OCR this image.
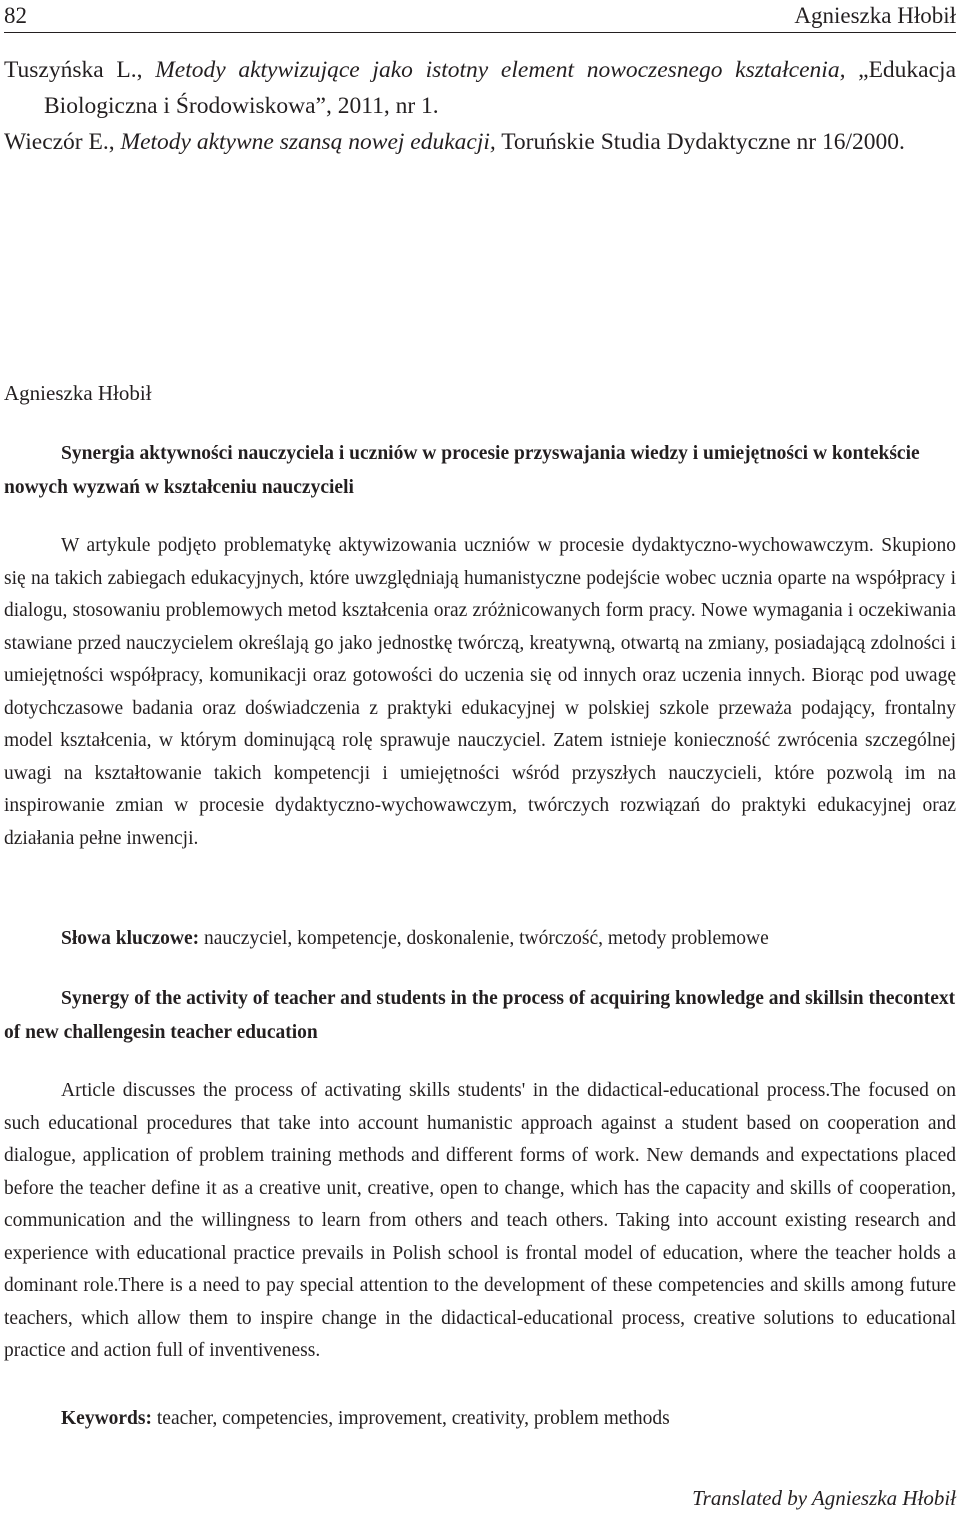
82	Agnieszka Hłobił

Tuszyńska L., Metody aktywizujące jako istotny element nowoczesnego kształcenia, „Edukacja Biologiczna i Środowiskowa”, 2011, nr 1.

Wieczór E., Metody aktywne szansą nowej edukacji, Toruńskie Studia Dydaktyczne nr 16/2000.

Agnieszka Hłobił

Synergia aktywności nauczyciela i uczniów w procesie przyswajania wiedzy i umiejętności w kontekście nowych wyzwań w kształceniu nauczycieli

W artykule podjęto problematykę aktywizowania uczniów w procesie dydaktyczno-wychowawczym. Skupiono się na takich zabiegach edukacyjnych, które uwzględniają humanistyczne podejście wobec ucznia oparte na współpracy i dialogu, stosowaniu problemowych metod kształcenia oraz zróżnicowanych form pracy. Nowe wymagania i oczekiwania stawiane przed nauczycielem określają go jako jednostkę twórczą, kreatywną, otwartą na zmiany, posiadającą zdolności i umiejętności współpracy, komunikacji oraz gotowości do uczenia się od innych oraz uczenia innych. Biorąc pod uwagę dotychczasowe badania oraz doświadczenia z praktyki edukacyjnej w polskiej szkole przeważa podający, frontalny model kształcenia, w którym dominującą rolę sprawuje nauczyciel. Zatem istnieje konieczność zwrócenia szczególnej uwagi na kształtowanie takich kompetencji i umiejętności wśród przyszłych nauczycieli, które pozwolą im na inspirowanie zmian w procesie dydaktyczno-wychowawczym, twórczych rozwiązań do praktyki edukacyjnej oraz działania pełne inwencji.

Słowa kluczowe: nauczyciel, kompetencje, doskonalenie, twórczość, metody problemowe

Synergy of the activity of teacher and students in the process of acquiring knowledge and skillsin thecontext of new challengesin teacher education

Article discusses the process of activating skills students' in the didactical-educational process.The focused on such educational procedures that take into account humanistic approach against a student based on cooperation and dialogue, application of problem training methods and different forms of work. New demands and expectations placed before the teacher define it as a creative unit, creative, open to change, which has the capacity and skills of cooperation, communication and the willingness to learn from others and teach others. Taking into account existing research and experience with educational practice prevails in Polish school is frontal model of education, where the teacher holds a dominant role.There is a need to pay special attention to the development of these competencies and skills among future teachers, which allow them to inspire change in the didactical-educational process, creative solutions to educational practice and action full of inventiveness.

Keywords: teacher, competencies, improvement, creativity, problem methods

Translated by Agnieszka Hłobił
